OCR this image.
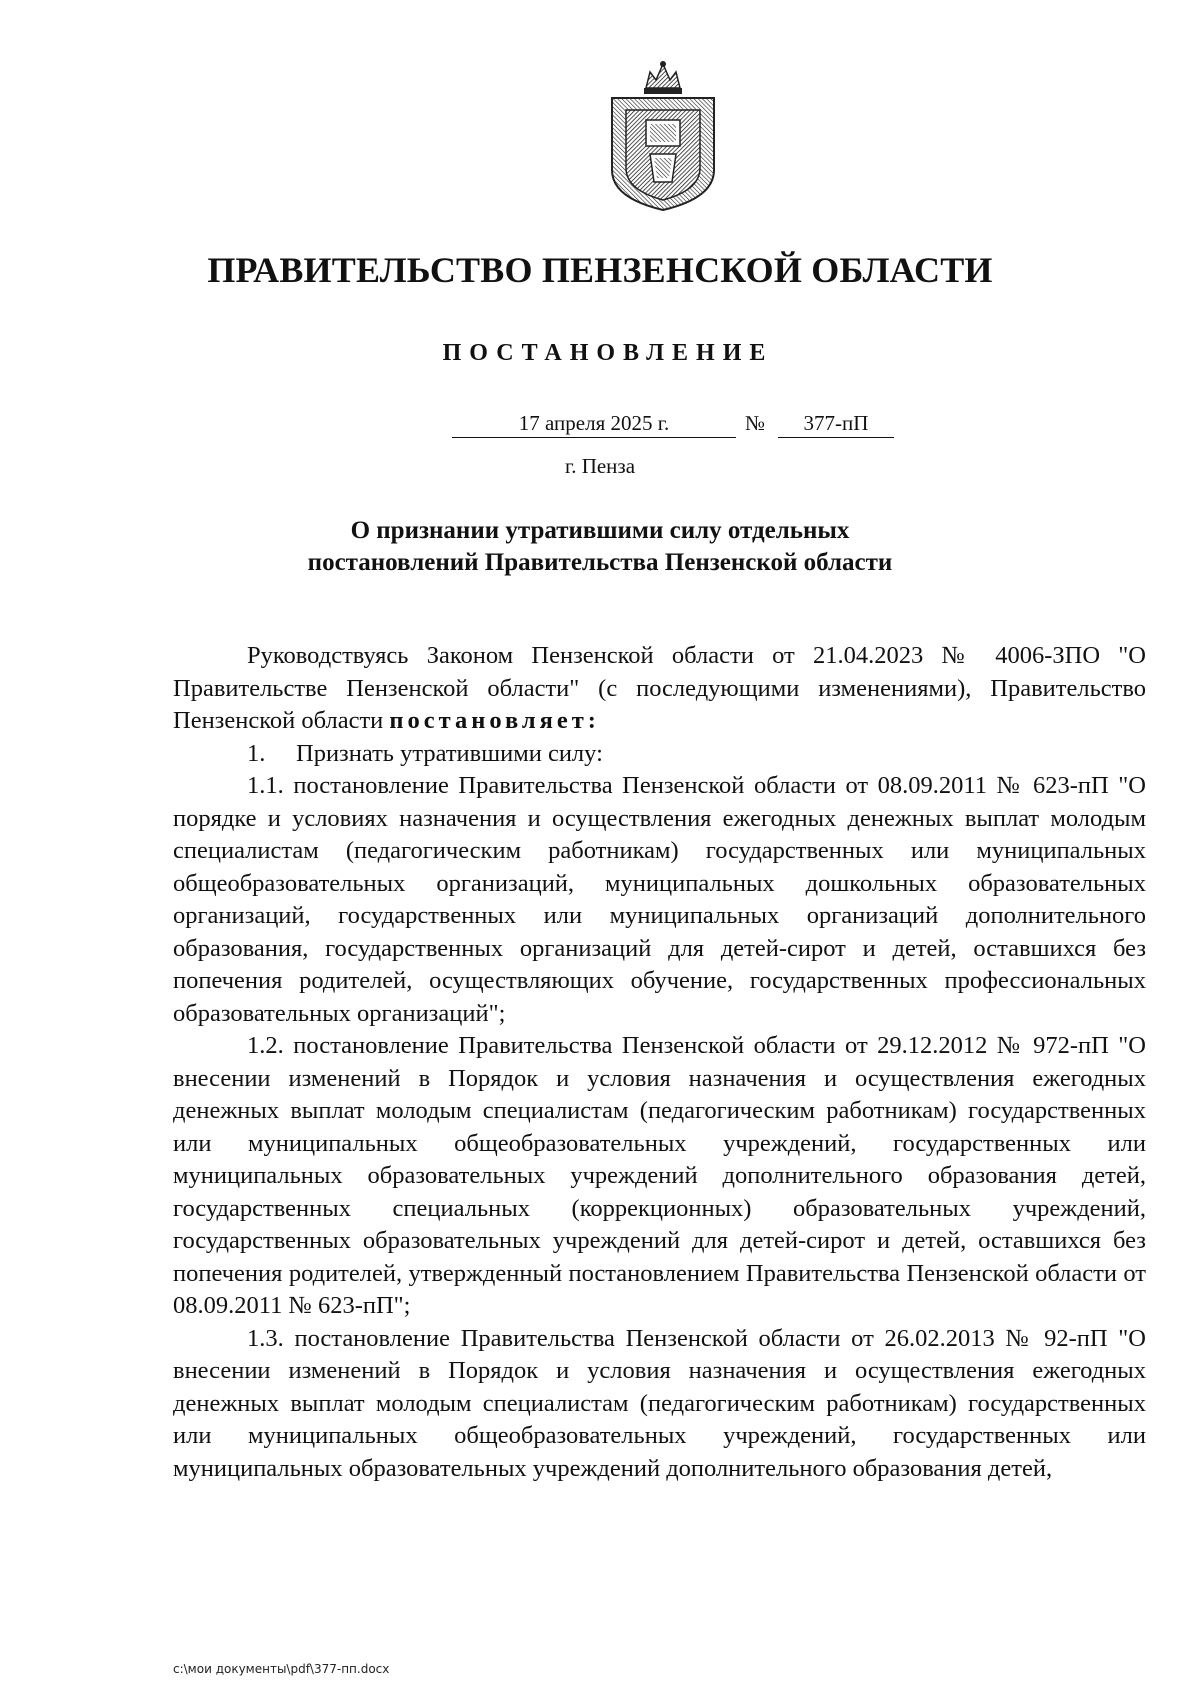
ПРАВИТЕЛЬСТВО ПЕНЗЕНСКОЙ ОБЛАСТИ
ПОСТАНОВЛЕНИЕ
17 апреля 2025 г.	№	377-пП
г. Пенза
О признании утратившими силу отдельных
постановлений Правительства Пензенской области

Руководствуясь Законом Пензенской области от 21.04.2023 № 4006-ЗПО "О Правительстве Пензенской области" (с последующими изменениями), Правительство Пензенской области постановляет:

1.     Признать утратившими силу:

1.1. постановление Правительства Пензенской области от 08.09.2011 № 623-пП "О порядке и условиях назначения и осуществления ежегодных денежных выплат молодым специалистам (педагогическим работникам) государственных или муниципальных общеобразовательных организаций, муниципальных дошкольных образовательных организаций, государственных или муниципальных организаций дополнительного образования, государственных организаций для детей-сирот и детей, оставшихся без попечения родителей, осуществляющих обучение, государственных профессиональных образовательных организаций";

1.2. постановление Правительства Пензенской области от 29.12.2012 № 972-пП "О внесении изменений в Порядок и условия назначения и осуществления ежегодных денежных выплат молодым специалистам (педагогическим работникам) государственных или муниципальных общеобразовательных учреждений, государственных или муниципальных образовательных учреждений дополнительного образования детей, государственных специальных (коррекционных) образовательных учреждений, государственных образовательных учреждений для детей-сирот и детей, оставшихся без попечения родителей, утвержденный постановлением Правительства Пензенской области от 08.09.2011 № 623-пП";

1.3. постановление Правительства Пензенской области от 26.02.2013 № 92-пП "О внесении изменений в Порядок и условия назначения и осуществления ежегодных денежных выплат молодым специалистам (педагогическим работникам) государственных или муниципальных общеобразовательных учреждений, государственных или муниципальных образовательных учреждений дополнительного образования детей,

c:\мои документы\pdf\377-пп.docx
